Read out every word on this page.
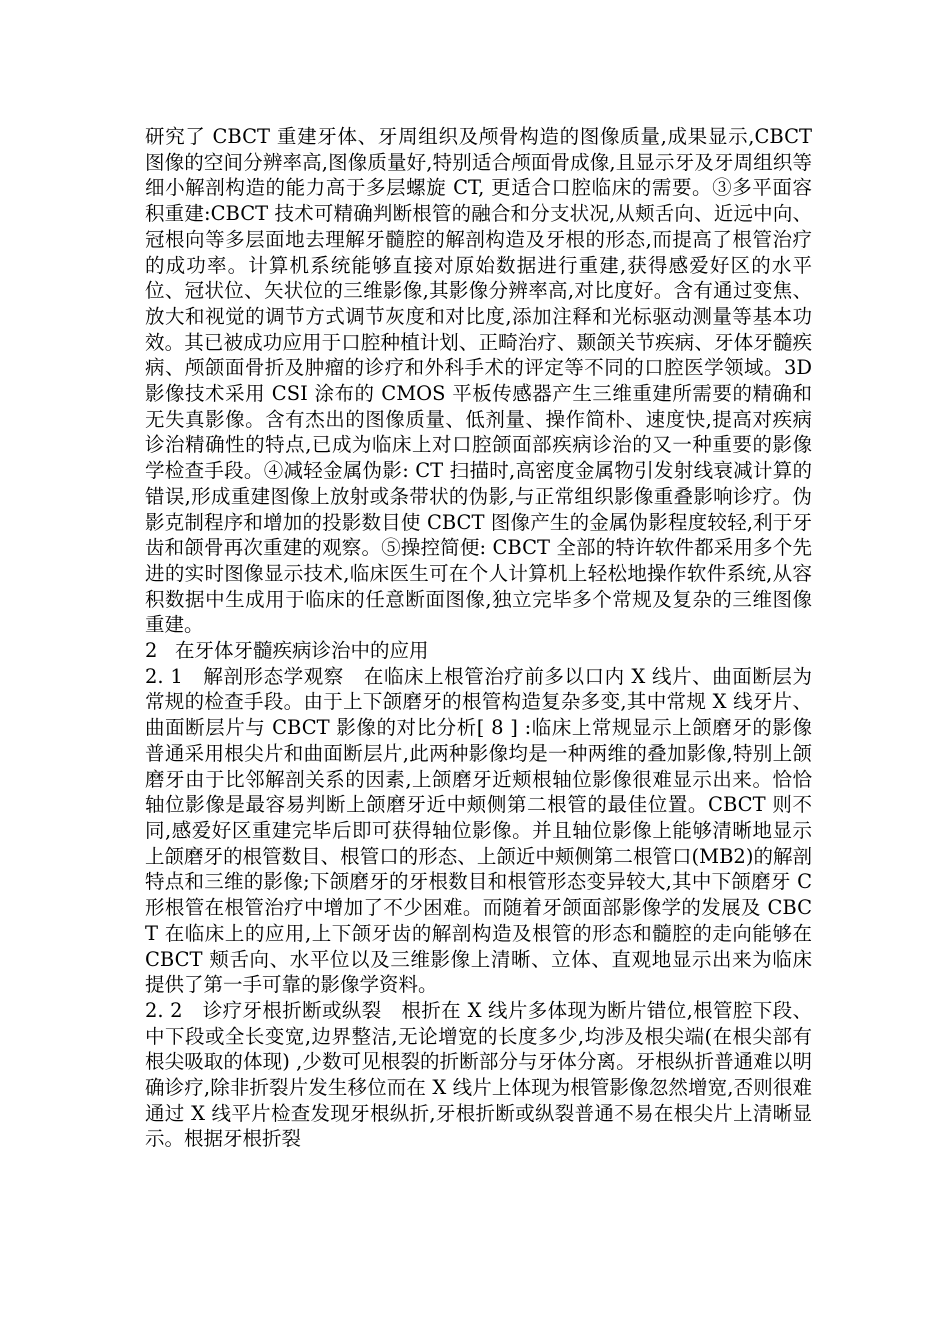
研究了 CBCT 重建牙体、牙周组织及颅骨构造的图像质量,成果显示,CBCT 图像的空间分辨率高,图像质量好,特别适合颅面骨成像,且显示牙及牙周组织等细小解剖构造的能力高于多层螺旋 CT, 更适合口腔临床的需要。③多平面容积重建:CBCT 技术可精确判断根管的融合和分支状况,从颊舌向、近远中向、冠根向等多层面地去理解牙髓腔的解剖构造及牙根的形态,而提高了根管治疗的成功率。计算机系统能够直接对原始数据进行重建,获得感爱好区的水平位、冠状位、矢状位的三维影像,其影像分辨率高,对比度好。含有通过变焦、放大和视觉的调节方式调节灰度和对比度,添加注释和光标驱动测量等基本功效。其已被成功应用于口腔种植计划、正畸治疗、颞颌关节疾病、牙体牙髓疾病、颅颌面骨折及肿瘤的诊疗和外科手术的评定等不同的口腔医学领域。3D 影像技术采用 CSI 涂布的 CMOS 平板传感器产生三维重建所需要的精确和无失真影像。含有杰出的图像质量、低剂量、操作简朴、速度快,提高对疾病诊治精确性的特点,已成为临床上对口腔颌面部疾病诊治的又一种重要的影像学检查手段。④减轻金属伪影: CT 扫描时,高密度金属物引发射线衰减计算的错误,形成重建图像上放射或条带状的伪影,与正常组织影像重叠影响诊疗。伪影克制程序和增加的投影数目使 CBCT 图像产生的金属伪影程度较轻,利于牙齿和颌骨再次重建的观察。⑤操控简便: CBCT 全部的特许软件都采用多个先进的实时图像显示技术,临床医生可在个人计算机上轻松地操作软件系统,从容积数据中生成用于临床的任意断面图像,独立完毕多个常规及复杂的三维图像重建。

2 在牙体牙髓疾病诊治中的应用

2. 1　 解剖形态学观察　 在临床上根管治疗前多以口内 X 线片、曲面断层为常规的检查手段。由于上下颌磨牙的根管构造复杂多变,其中常规 X 线牙片、曲面断层片与 CBCT 影像的对比分析[ 8 ] :临床上常规显示上颌磨牙的影像普通采用根尖片和曲面断层片,此两种影像均是一种两维的叠加影像,特别上颌磨牙由于比邻解剖关系的因素,上颌磨牙近颊根轴位影像很难显示出来。恰恰轴位影像是最容易判断上颌磨牙近中颊侧第二根管的最佳位置。CBCT 则不同,感爱好区重建完毕后即可获得轴位影像。并且轴位影像上能够清晰地显示上颌磨牙的根管数目、根管口的形态、上颌近中颊侧第二根管口(MB2)的解剖特点和三维的影像;下颌磨牙的牙根数目和根管形态变异较大,其中下颌磨牙 C 形根管在根管治疗中增加了不少困难。而随着牙颌面部影像学的发展及 CBCT 在临床上的应用,上下颌牙齿的解剖构造及根管的形态和髓腔的走向能够在 CBCT 颊舌向、水平位以及三维影像上清晰、立体、直观地显示出来为临床提供了第一手可靠的影像学资料。

2. 2　 诊疗牙根折断或纵裂　 根折在 X 线片多体现为断片错位,根管腔下段、中下段或全长变宽,边界整洁,无论增宽的长度多少,均涉及根尖端(在根尖部有根尖吸取的体现) ,少数可见根裂的折断部分与牙体分离。牙根纵折普通难以明确诊疗,除非折裂片发生移位而在 X 线片上体现为根管影像忽然增宽,否则很难通过 X 线平片检查发现牙根纵折,牙根折断或纵裂普通不易在根尖片上清晰显示。根据牙根折裂
